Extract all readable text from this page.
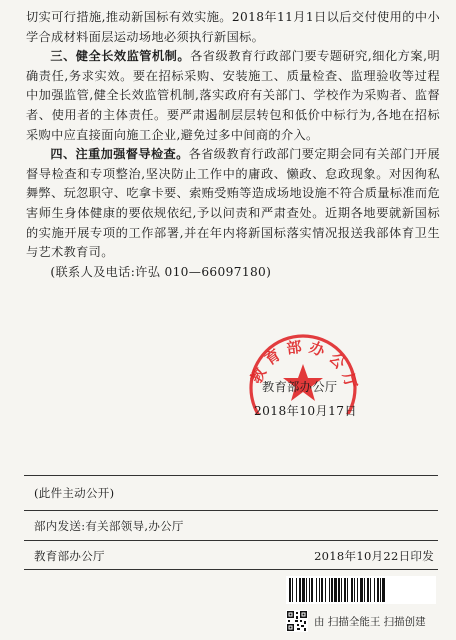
切实可行措施,推动新国标有效实施。2018年11月1日以后交付使用的中小学合成材料面层运动场地必须执行新国标。

三、健全长效监管机制。各省级教育行政部门要专题研究,细化方案,明确责任,务求实效。要在招标采购、安装施工、质量检查、监理验收等过程中加强监管,健全长效监管机制,落实政府有关部门、学校作为采购者、监督者、使用者的主体责任。要严肃遏制层层转包和低价中标行为,各地在招标采购中应直接面向施工企业,避免过多中间商的介入。

四、注重加强督导检查。各省级教育行政部门要定期会同有关部门开展督导检查和专项整治,坚决防止工作中的庸政、懒政、怠政现象。对因徇私舞弊、玩忽职守、吃拿卡要、索贿受贿等造成场地设施不符合质量标准而危害师生身体健康的要依规依纪,予以问责和严肃查处。近期各地要就新国标的实施开展专项的工作部署,并在年内将新国标落实情况报送我部体育卫生与艺术教育司。

(联系人及电话:许弘 010—66097180)

教育部办公厅
教育部办公厅
2018年10月17日
(此件主动公开)
部内发送:有关部领导,办公厅
教育部办公厅	2018年10月22日印发
由 扫描全能王 扫描创建
